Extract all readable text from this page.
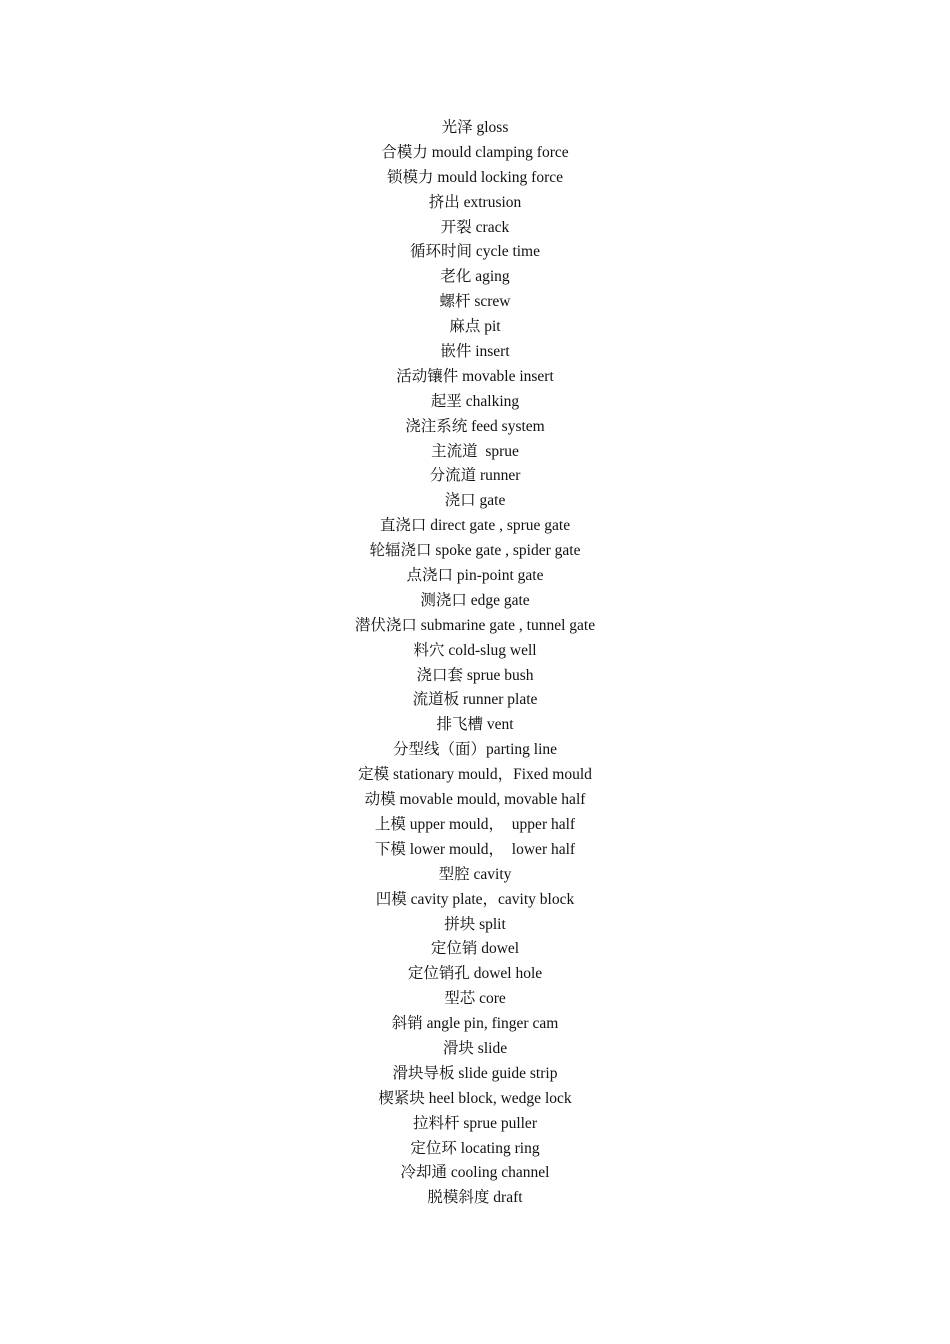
光泽 gloss
合模力 mould clamping force
锁模力 mould locking force
挤出 extrusion
开裂 crack
循环时间 cycle time
老化 aging
螺杆 screw
麻点 pit
嵌件 insert
活动镶件 movable insert
起垩 chalking
浇注系统 feed system
主流道  sprue
分流道 runner
浇口 gate
直浇口 direct gate , sprue gate
轮辐浇口 spoke gate , spider gate
点浇口 pin-point gate
测浇口 edge gate
潜伏浇口 submarine gate , tunnel gate
料穴 cold-slug well
浇口套 sprue bush
流道板 runner plate
排飞槽 vent
分型线（面）parting line
定模 stationary mould，Fixed mould
动模 movable mould, movable half
上模 upper mould，  upper half
下模 lower mould，  lower half
型腔 cavity
凹模 cavity plate，cavity block
拼块 split
定位销 dowel
定位销孔 dowel hole
型芯 core
斜销 angle pin, finger cam
滑块 slide
滑块导板 slide guide strip
楔紧块 heel block, wedge lock
拉料杆 sprue puller
定位环 locating ring
冷却通 cooling channel
脱模斜度 draft
